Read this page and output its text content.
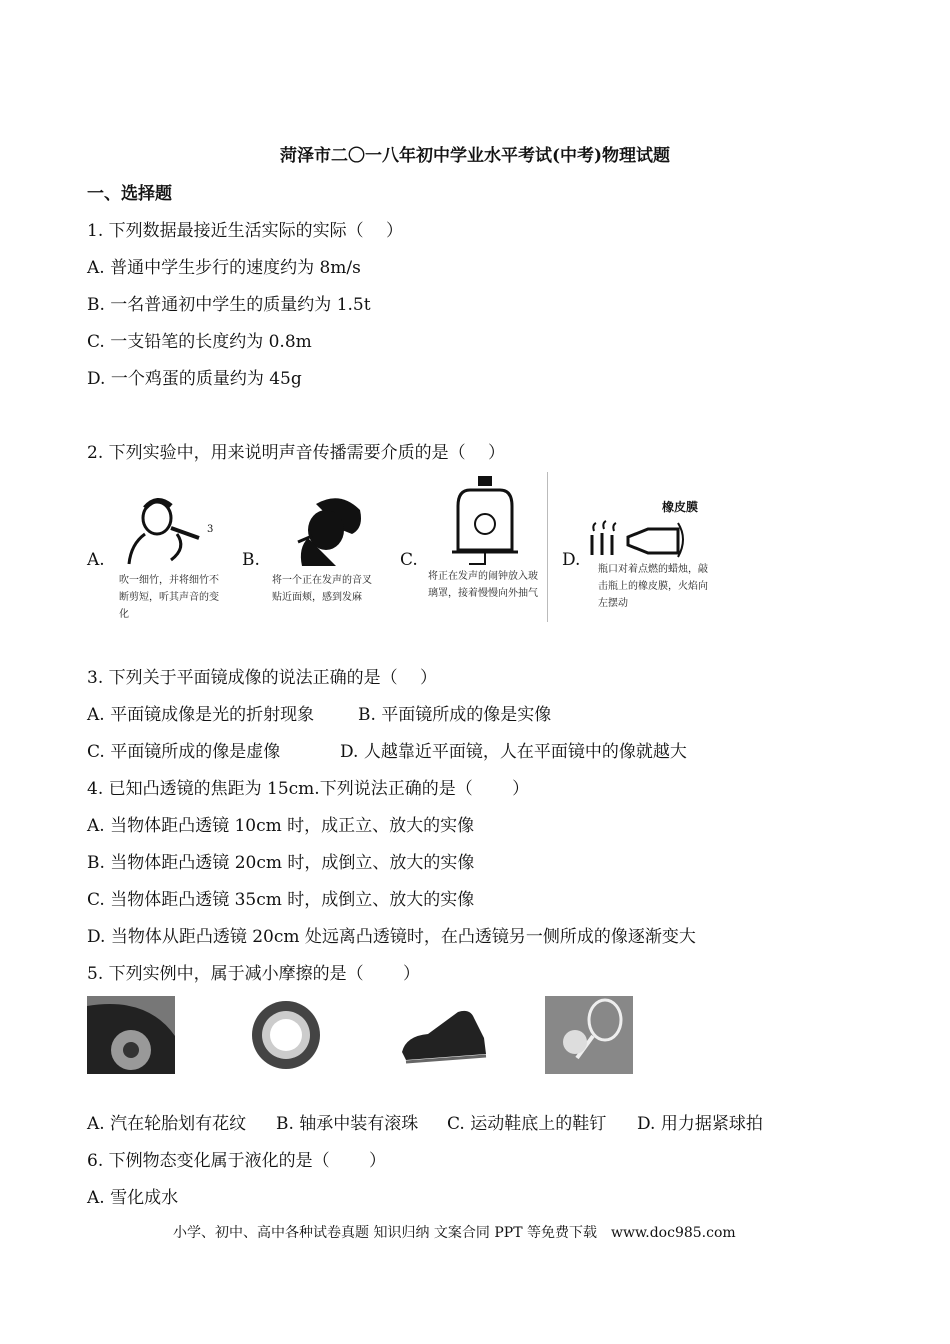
菏泽市二〇一八年初中学业水平考试(中考)物理试题
一、选择题
1. 下列数据最接近生活实际的实际（　 ）
A. 普通中学生步行的速度约为 8m/s
B. 一名普通初中学生的质量约为 1.5t
C. 一支铅笔的长度约为 0.8m
D. 一个鸡蛋的质量约为 45g
2. 下列实验中，用来说明声音传播需要介质的是（　 ）
A.
3
吹一细竹，并将细竹不断剪短，听其声音的变化
B.
将一个正在发声的音叉贴近面颊，感到发麻
C.
将正在发声的闹钟放入玻璃罩，接着慢慢向外抽气
D.
橡皮膜
瓶口对着点燃的蜡烛，敲击瓶上的橡皮膜，火焰向左摆动
3. 下列关于平面镜成像的说法正确的是（　 ）
A. 平面镜成像是光的折射现象	B. 平面镜所成的像是实像
C. 平面镜所成的像是虚像	D. 人越靠近平面镜，人在平面镜中的像就越大
4. 已知凸透镜的焦距为 15cm.下列说法正确的是（　　 ）
A. 当物体距凸透镜 10cm 时，成正立、放大的实像
B. 当物体距凸透镜 20cm 时，成倒立、放大的实像
C. 当物体距凸透镜 35cm 时，成倒立、放大的实像
D. 当物体从距凸透镜 20cm 处远离凸透镜时，在凸透镜另一侧所成的像逐渐变大
5. 下列实例中，属于减小摩擦的是（　　 ）
A. 汽在轮胎划有花纹 B. 轴承中装有滚珠 C. 运动鞋底上的鞋钉 D. 用力据紧球拍
6. 下例物态变化属于液化的是（　　 ）
A. 雪化成水
小学、初中、高中各种试卷真题 知识归纳 文案合同 PPT 等免费下载　www.doc985.com
